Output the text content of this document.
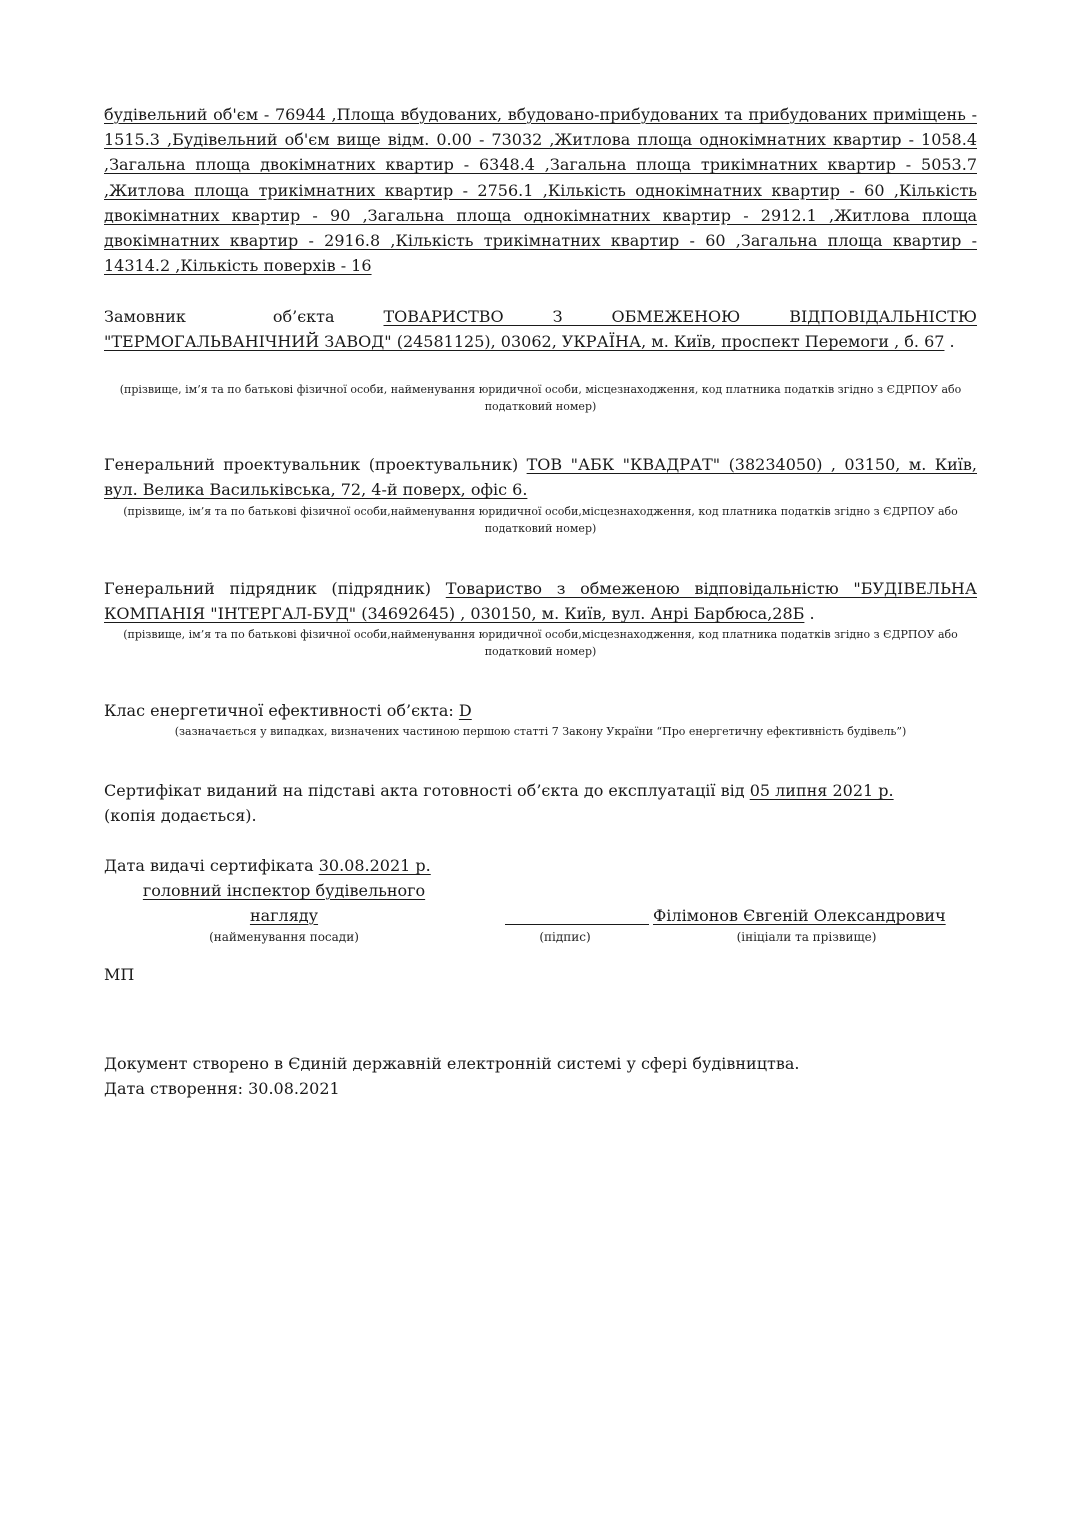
будівельний об'єм - 76944 ,Площа вбудованих, вбудовано-прибудованих та прибудованих приміщень - 1515.3 ,Будівельний об'єм вище відм. 0.00 - 73032 ,Житлова площа однокімнатних квартир - 1058.4 ,Загальна площа двокімнатних квартир - 6348.4 ,Загальна площа трикімнатних квартир - 5053.7 ,Житлова площа трикімнатних квартир - 2756.1 ,Кількість однокімнатних квартир - 60 ,Кількість двокімнатних квартир - 90 ,Загальна площа однокімнатних квартир - 2912.1 ,Житлова площа двокімнатних квартир - 2916.8 ,Кількість трикімнатних квартир - 60 ,Загальна площа квартир - 14314.2 ,Кількість поверхів - 16
Замовник об’єкта	ТОВАРИСТВО З ОБМЕЖЕНОЮ ВІДПОВІДАЛЬНІСТЮ "ТЕРМОГАЛЬВАНІЧНИЙ ЗАВОД" (24581125), 03062, УКРАЇНА, м. Київ, проспект Перемоги , б. 67 .
(прізвище, ім’я та по батькові фізичної особи, найменування юридичної особи, місцезнаходження, код платника податків згідно з ЄДРПОУ або податковий номер)
Генеральний проектувальник (проектувальник) ТОВ "АБК "КВАДРАТ" (38234050) , 03150, м. Київ, вул. Велика Васильківська, 72, 4-й поверх, офіс 6.
(прізвище, ім’я та по батькові фізичної особи,найменування юридичної особи,місцезнаходження, код платника податків згідно з ЄДРПОУ або податковий номер)
Генеральний підрядник (підрядник) Товариство з обмеженою відповідальністю "БУДІВЕЛЬНА КОМПАНІЯ "ІНТЕРГАЛ-БУД" (34692645) , 030150, м. Київ, вул. Анрі Барбюса,28Б .
(прізвище, ім’я та по батькові фізичної особи,найменування юридичної особи,місцезнаходження, код платника податків згідно з ЄДРПОУ або податковий номер)
Клас енергетичної ефективності об’єкта: D
(зазначається у випадках, визначених частиною першою статті 7 Закону України “Про енергетичну ефективність будівель”)
Сертифікат виданий на підставі акта готовності об’єкта до експлуатації від 05 липня 2021 р.
(копія додається).
Дата видачі сертифіката 30.08.2021 р.
головний інспектор будівельного
нагляду
(найменування посади)	(підпис)
Філімонов Євгеній Олександрович
(ініціали та прізвище)
МП
Документ створено в Єдиній державній електронній системі у сфері будівництва.
Дата створення: 30.08.2021
